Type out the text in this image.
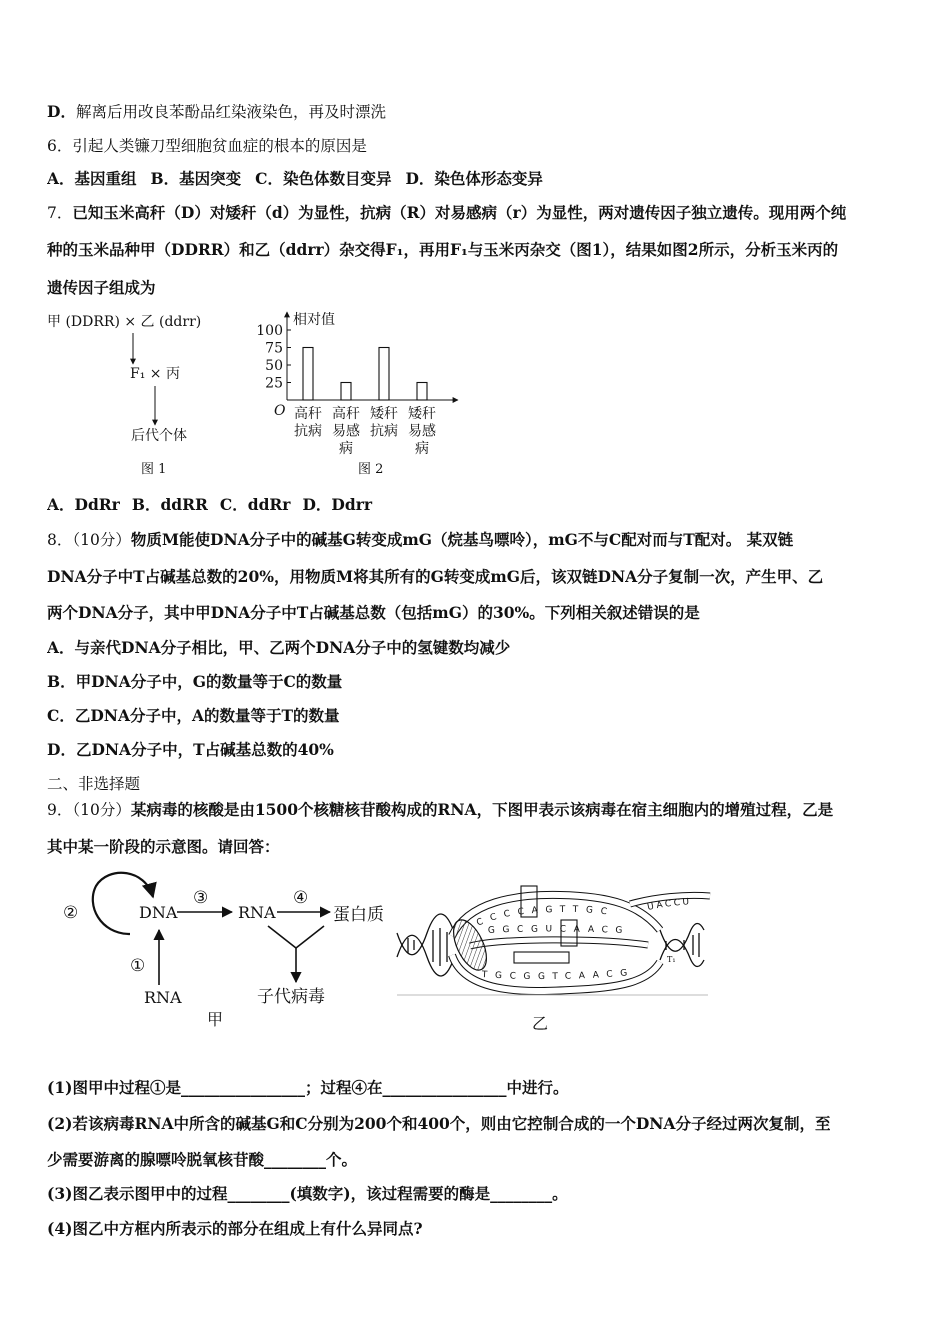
D．解离后用改良苯酚品红染液染色，再及时漂洗
6．引起人类镰刀型细胞贫血症的根本的原因是
A．基因重组 B．基因突变 C．染色体数目变异 D．染色体形态变异
7．已知玉米高秆（D）对矮秆（d）为显性，抗病（R）对易感病（r）为显性，两对遗传因子独立遗传。现用两个纯
种的玉米品种甲（DDRR）和乙（ddrr）杂交得F₁，再用F₁与玉米丙杂交（图1），结果如图2所示，分析玉米丙的
遗传因子组成为
甲 (DDRR) × 乙 (ddrr)
F₁ × 丙
后代个体
图 1
相对值
O
25
50
75
100
高秆
抗病
高秆
易感
病
矮秆
抗病
矮秆
易感
病
图 2
A．DdRr B．ddRR C．ddRr D．Ddrr
8．（10分）物质M能使DNA分子中的碱基G转变成mG（烷基鸟嘌呤），mG不与C配对而与T配对。 某双链
DNA分子中T占碱基总数的20%，用物质M将其所有的G转变成mG后，该双链DNA分子复制一次，产生甲、乙
两个DNA分子，其中甲DNA分子中T占碱基总数（包括mG）的30%。下列相关叙述错误的是
A．与亲代DNA分子相比，甲、乙两个DNA分子中的氢键数均减少
B．甲DNA分子中，G的数量等于C的数量
C．乙DNA分子中，A的数量等于T的数量
D．乙DNA分子中，T占碱基总数的40%
二、非选择题
9．（10分）某病毒的核酸是由1500个核糖核苷酸构成的RNA，下图甲表示该病毒在宿主细胞内的增殖过程，乙是
其中某一阶段的示意图。请回答：
②	DNA
③
RNA
④
蛋白质
子代病毒
①
RNA
甲
CCCCAGTTGC
GGCGUCAACG
TGCGGTCAACG
UACCU
T₁
乙
(1)图甲中过程①是________________；过程④在________________中进行。
(2)若该病毒RNA中所含的碱基G和C分别为200个和400个，则由它控制合成的一个DNA分子经过两次复制，至
少需要游离的腺嘌呤脱氧核苷酸________个。
(3)图乙表示图甲中的过程________(填数字)，该过程需要的酶是________。
(4)图乙中方框内所表示的部分在组成上有什么异同点?
